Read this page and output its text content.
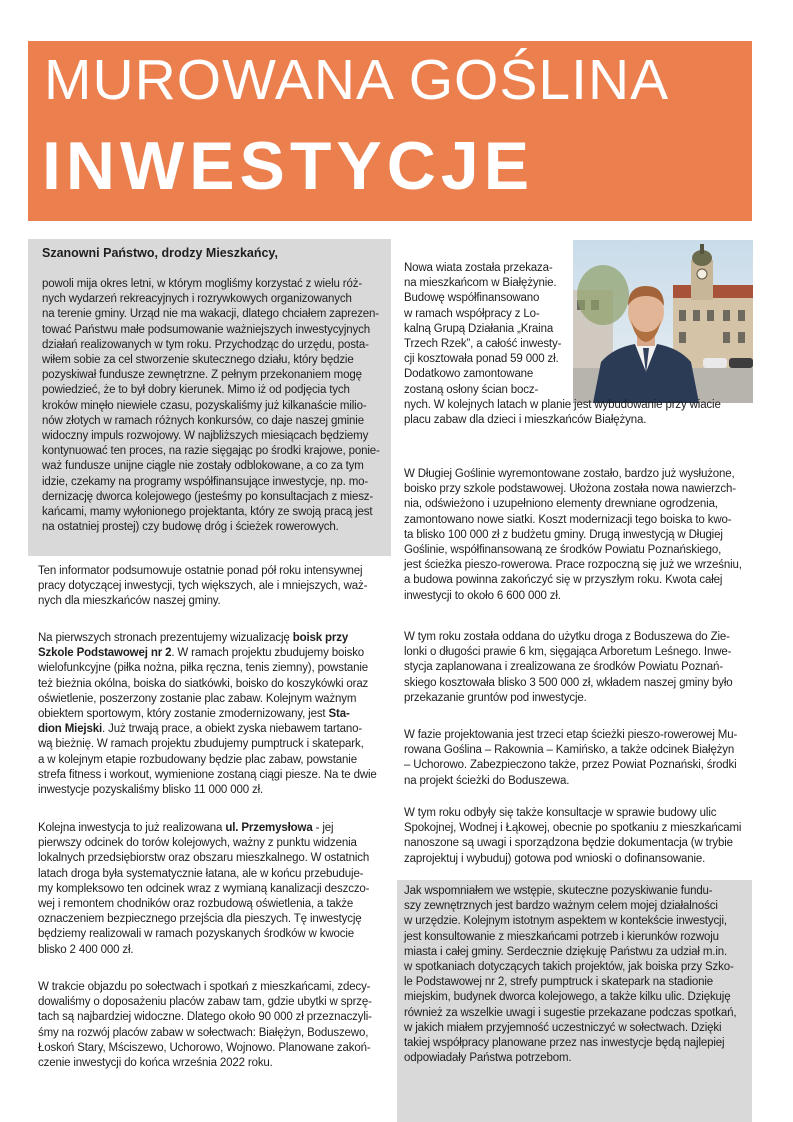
MUROWANA GOŚLINA
INWESTYCJE
Szanowni Państwo, drodzy Mieszkańcy,
powoli mija okres letni, w którym mogliśmy korzystać z wielu róż-
nych wydarzeń rekreacyjnych i rozrywkowych organizowanych
na terenie gminy. Urząd nie ma wakacji, dlatego chciałem zaprezen-
tować Państwu małe podsumowanie ważniejszych inwestycyjnych
działań realizowanych w tym roku. Przychodząc do urzędu, posta-
wiłem sobie za cel stworzenie skutecznego działu, który będzie
pozyskiwał fundusze zewnętrzne. Z pełnym przekonaniem mogę
powiedzieć, że to był dobry kierunek. Mimo iż od podjęcia tych
kroków minęło niewiele czasu, pozyskaliśmy już kilkanaście milio-
nów złotych w ramach różnych konkursów, co daje naszej gminie
widoczny impuls rozwojowy. W najbliższych miesiącach będziemy
kontynuować ten proces, na razie sięgając po środki krajowe, ponie-
waż fundusze unijne ciągle nie zostały odblokowane, a co za tym
idzie, czekamy na programy współfinansujące inwestycje, np. mo-
dernizację dworca kolejowego (jesteśmy po konsultacjach z miesz-
kańcami, mamy wyłonionego projektanta, który ze swoją pracą jest
na ostatniej prostej) czy budowę dróg i ścieżek rowerowych.
Ten informator podsumowuje ostatnie ponad pół roku intensywnej
pracy dotyczącej inwestycji, tych większych, ale i mniejszych, waż-
nych dla mieszkańców naszej gminy.
Na pierwszych stronach prezentujemy wizualizację boisk przy
Szkole Podstawowej nr 2. W ramach projektu zbudujemy boisko
wielofunkcyjne (piłka nożna, piłka ręczna, tenis ziemny), powstanie
też bieżnia okólna, boiska do siatkówki, boisko do koszykówki oraz
oświetlenie, poszerzony zostanie plac zabaw. Kolejnym ważnym
obiektem sportowym, który zostanie zmodernizowany, jest Sta-
dion Miejski. Już trwają prace, a obiekt zyska niebawem tartano-
wą bieżnię. W ramach projektu zbudujemy pumptruck i skatepark,
a w kolejnym etapie rozbudowany będzie plac zabaw, powstanie
strefa fitness i workout, wymienione zostaną ciągi piesze. Na te dwie
inwestycje pozyskaliśmy blisko 11 000 000 zł.
Kolejna inwestycja to już realizowana ul. Przemysłowa - jej
pierwszy odcinek do torów kolejowych, ważny z punktu widzenia
lokalnych przedsiębiorstw oraz obszaru mieszkalnego. W ostatnich
latach droga była systematycznie łatana, ale w końcu przebuduje-
my kompleksowo ten odcinek wraz z wymianą kanalizacji deszczo-
wej i remontem chodników oraz rozbudową oświetlenia, a także
oznaczeniem bezpiecznego przejścia dla pieszych. Tę inwestycję
będziemy realizowali w ramach pozyskanych środków w kwocie
blisko 2 400 000 zł.
W trakcie objazdu po sołectwach i spotkań z mieszkańcami, zdecy-
dowaliśmy o doposażeniu placów zabaw tam, gdzie ubytki w sprzę-
tach są najbardziej widoczne. Dlatego około 90 000 zł przeznaczyli-
śmy na rozwój placów zabaw w sołectwach: Białężyn, Boduszewo,
Łoskoń Stary, Mściszewo, Uchorowo, Wojnowo. Planowane zakoń-
czenie inwestycji do końca września 2022 roku.
Nowa wiata została przekaza-
na mieszkańcom w Białężynie.
Budowę współfinansowano
w ramach współpracy z Lo-
kalną Grupą Działania „Kraina
Trzech Rzek”, a całość inwesty-
cji kosztowała ponad 59 000 zł.
Dodatkowo zamontowane
zostaną osłony ścian bocz-
nych. W kolejnych latach w planie jest wybudowanie przy wiacie
placu zabaw dla dzieci i mieszkańców Białężyna.
W Długiej Goślinie wyremontowane zostało, bardzo już wysłużone,
boisko przy szkole podstawowej. Ułożona została nowa nawierzch-
nia, odświeżono i uzupełniono elementy drewniane ogrodzenia,
zamontowano nowe siatki. Koszt modernizacji tego boiska to kwo-
ta blisko 100 000 zł z budżetu gminy. Drugą inwestycją w Długiej
Goślinie, współfinansowaną ze środków Powiatu Poznańskiego,
jest ścieżka pieszo-rowerowa. Prace rozpoczną się już we wrześniu,
a budowa powinna zakończyć się w przyszłym roku. Kwota całej
inwestycji to około 6 600 000 zł.
W tym roku została oddana do użytku droga z Boduszewa do Zie-
lonki o długości prawie 6 km, sięgająca Arboretum Leśnego. Inwe-
stycja zaplanowana i zrealizowana ze środków Powiatu Poznań-
skiego kosztowała blisko 3 500 000 zł, wkładem naszej gminy było
przekazanie gruntów pod inwestycje.
W fazie projektowania jest trzeci etap ścieżki pieszo-rowerowej Mu-
rowana Goślina – Rakownia – Kamińsko, a także odcinek Białężyn
– Uchorowo. Zabezpieczono także, przez Powiat Poznański, środki
na projekt ścieżki do Boduszewa.
W tym roku odbyły się także konsultacje w sprawie budowy ulic
Spokojnej, Wodnej i Łąkowej, obecnie po spotkaniu z mieszkańcami
nanoszone są uwagi i sporządzona będzie dokumentacja (w trybie
zaprojektuj i wybuduj) gotowa pod wnioski o dofinansowanie.
Jak wspomniałem we wstępie, skuteczne pozyskiwanie fundu-
szy zewnętrznych jest bardzo ważnym celem mojej działalności
w urzędzie. Kolejnym istotnym aspektem w kontekście inwestycji,
jest konsultowanie z mieszkańcami potrzeb i kierunków rozwoju
miasta i całej gminy. Serdecznie dziękuję Państwu za udział m.in.
w spotkaniach dotyczących takich projektów, jak boiska przy Szko-
le Podstawowej nr 2, strefy pumptruck i skatepark na stadionie
miejskim, budynek dworca kolejowego, a także kilku ulic. Dziękuję
również za wszelkie uwagi i sugestie przekazane podczas spotkań,
w jakich miałem przyjemność uczestniczyć w sołectwach. Dzięki
takiej współpracy planowane przez nas inwestycje będą najlepiej
odpowiadały Państwa potrzebom.
